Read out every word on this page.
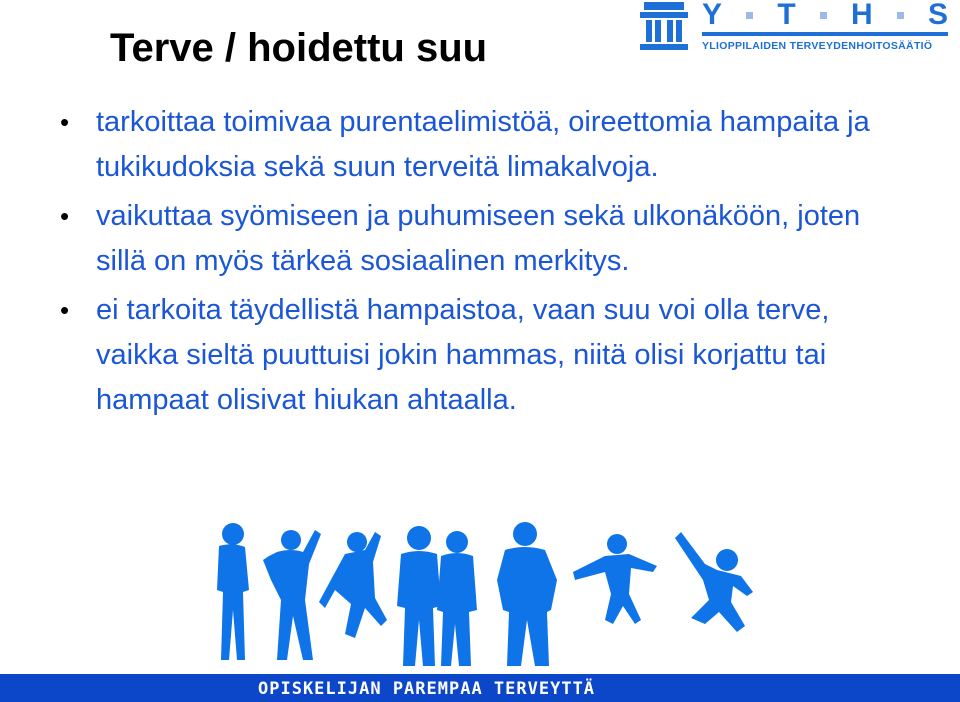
Y T H S
YLIOPPILAIDEN TERVEYDENHOITOSÄÄTIÖ
Terve / hoidettu suu
• tarkoittaa toimivaa purentaelimistöä, oireettomia hampaita ja tukikudoksia sekä suun terveitä limakalvoja.
• vaikuttaa syömiseen ja puhumiseen sekä ulkonäköön, joten sillä on myös tärkeä sosiaalinen merkitys.
• ei tarkoita täydellistä hampaistoa, vaan suu voi olla terve, vaikka sieltä puuttuisi jokin hammas, niitä olisi korjattu tai hampaat olisivat hiukan ahtaalla.
OPISKELIJAN PAREMPAA TERVEYTTÄ
